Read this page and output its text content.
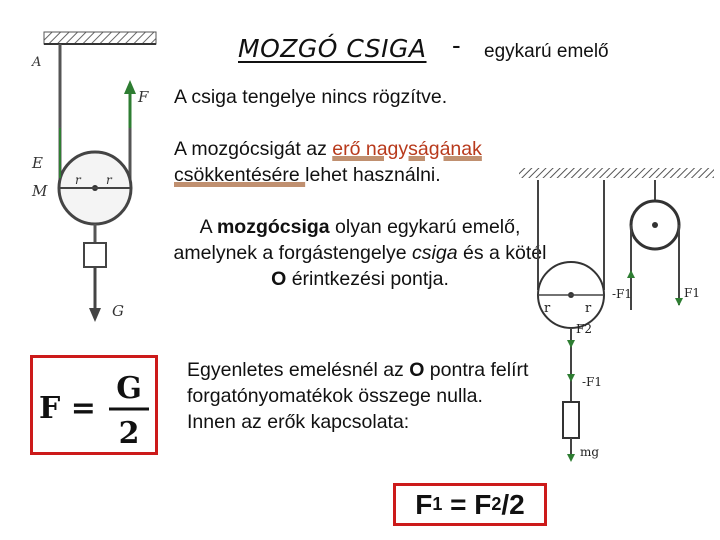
A
F
E
M
r r
G
MOZGÓ CSIGA - egykarú emelő
A csiga tengelye nincs rögzítve.
A mozgócsigát az erő nagyságának
csökkentésére lehet használni.
A mozgócsiga olyan egykarú emelő, amelynek a forgástengelye csiga és a kötél O érintkezési pontja.
r	r
F2
-F1	F1
-F1
mg
F =
G
2
Egyenletes emelésnél az O pontra felírt forgatónyomatékok összege nulla.
Innen az erők kapcsolata:
F 1 = F 2 /2
